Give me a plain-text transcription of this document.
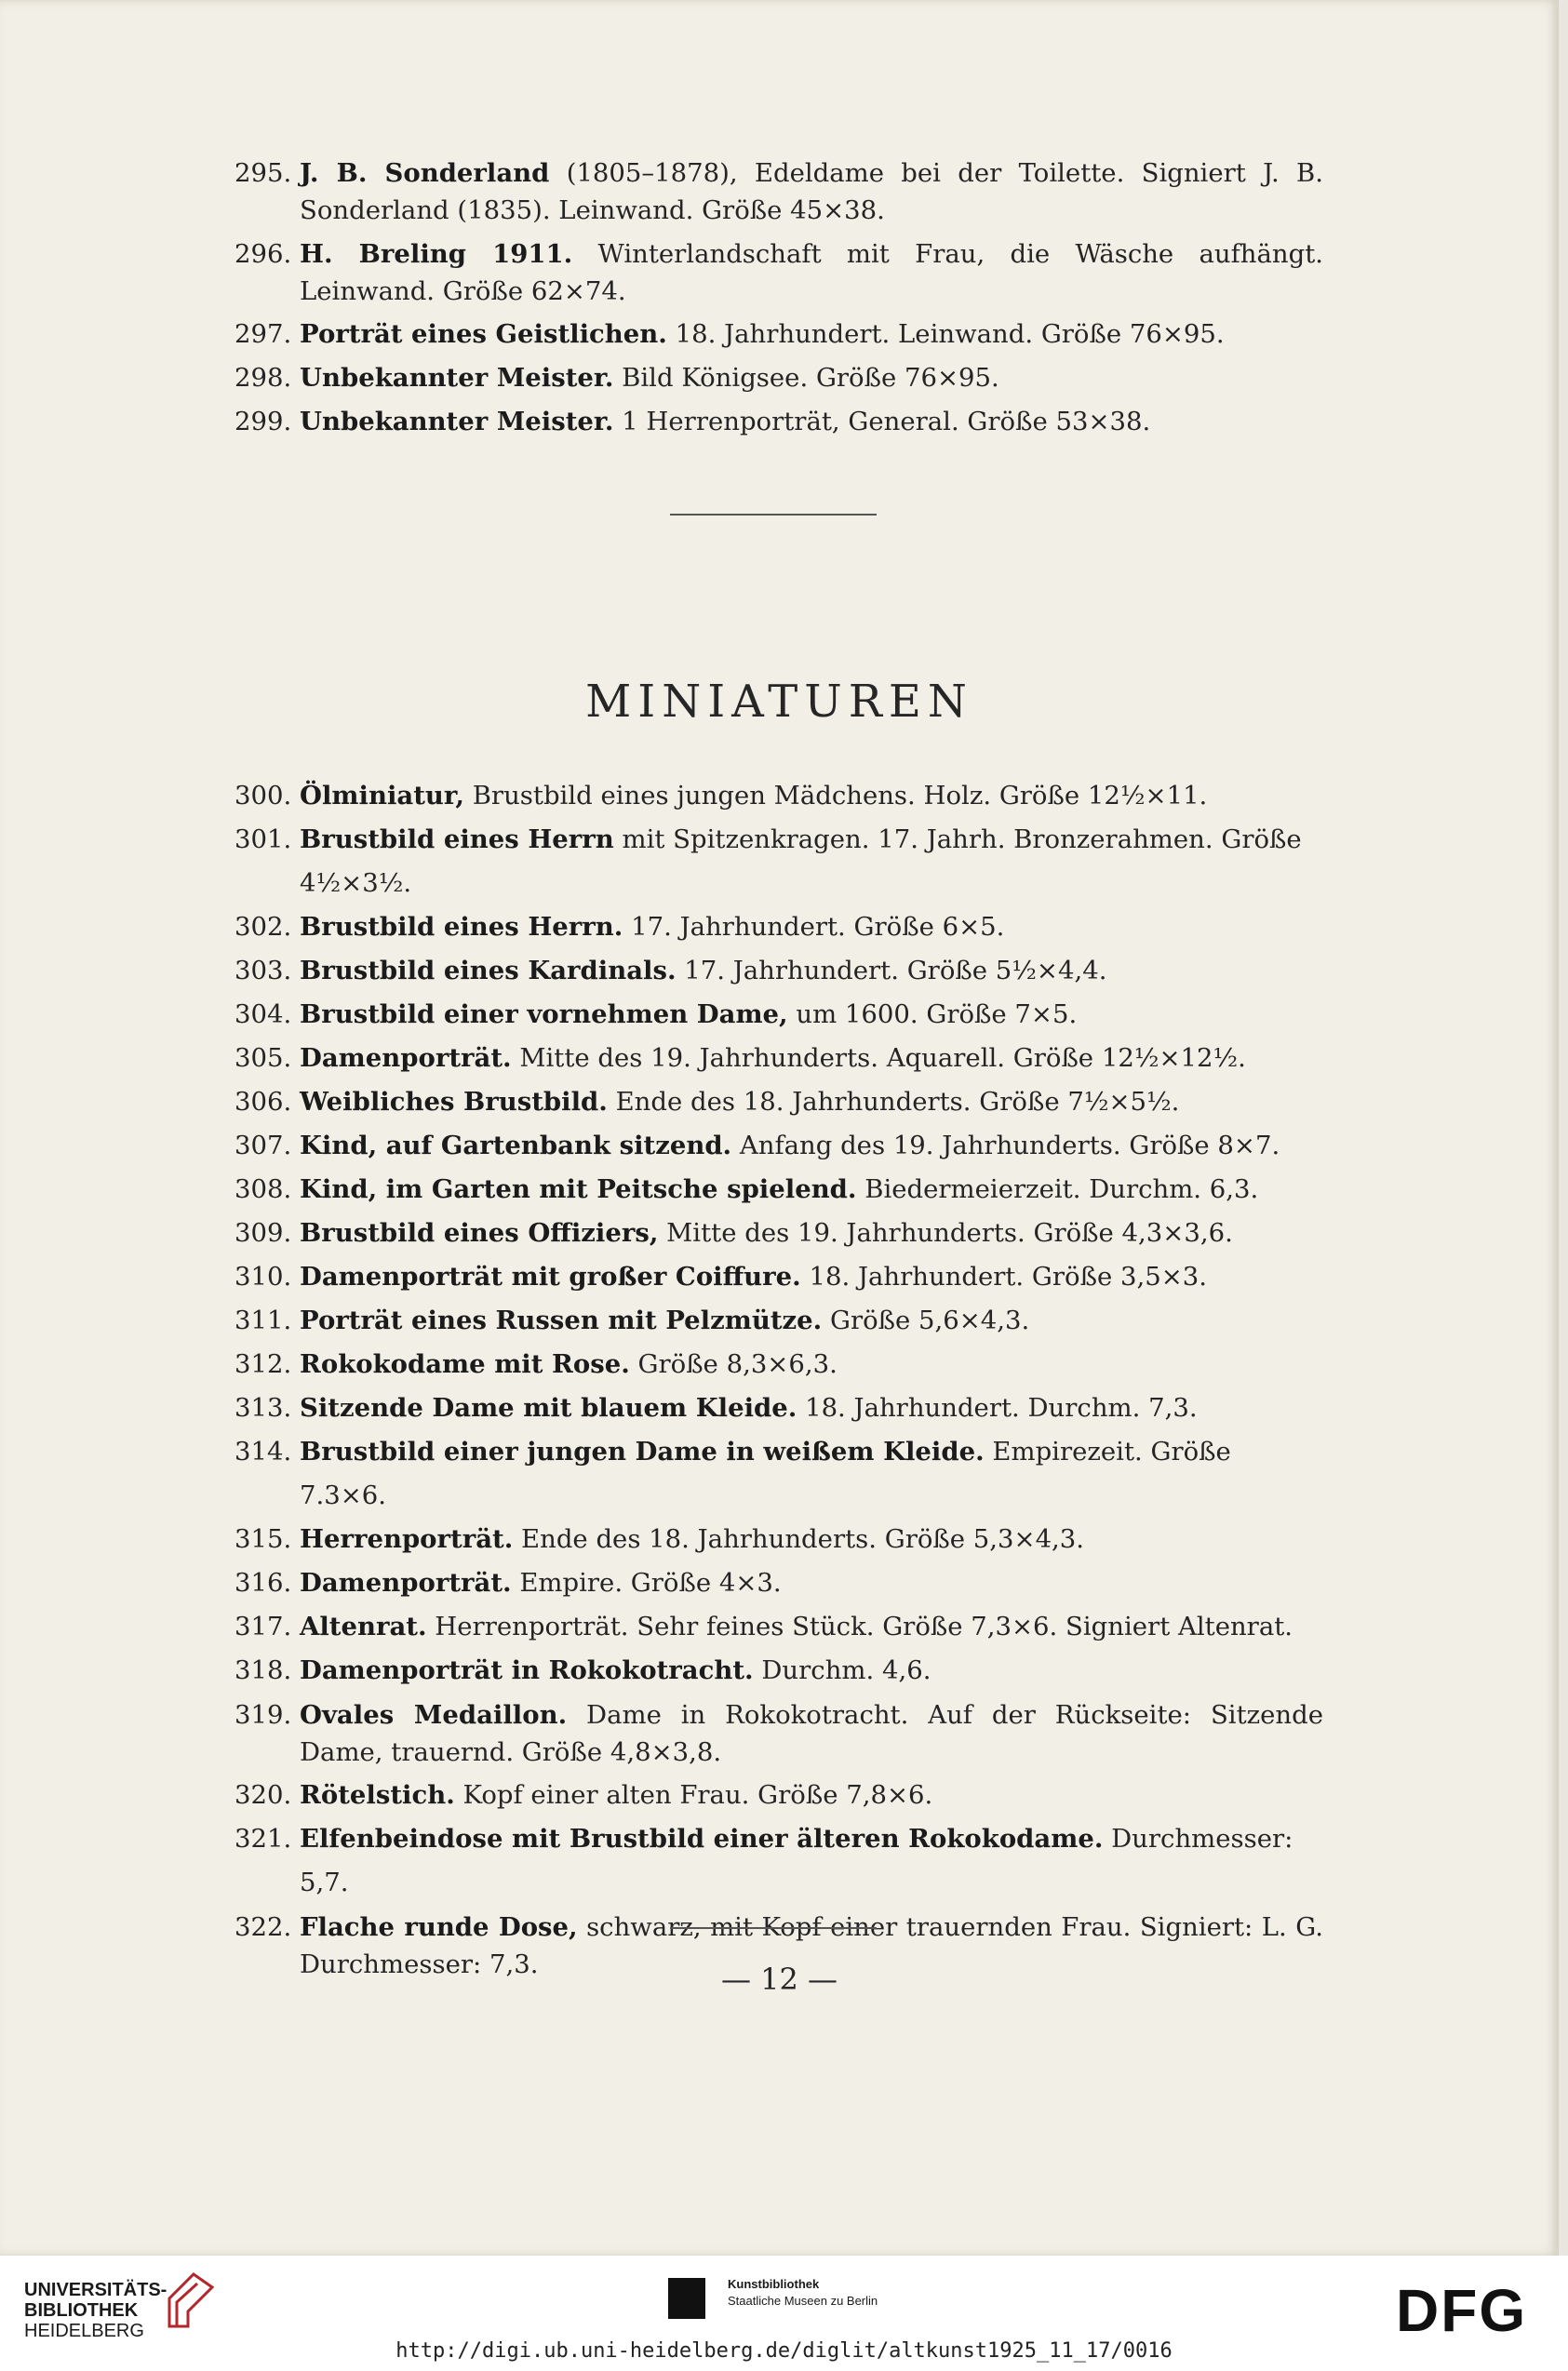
295. J. B. Sonderland (1805–1878), Edeldame bei der Toilette. Signiert J. B. Sonderland (1835). Leinwand. Größe 45×38.
296. H. Breling 1911. Winterlandschaft mit Frau, die Wäsche aufhängt. Leinwand. Größe 62×74.
297. Porträt eines Geistlichen. 18. Jahrhundert. Leinwand. Größe 76×95.
298. Unbekannter Meister. Bild Königsee. Größe 76×95.
299. Unbekannter Meister. 1 Herrenporträt, General. Größe 53×38.
MINIATUREN
300. Ölminiatur, Brustbild eines jungen Mädchens. Holz. Größe 12½×11.
301. Brustbild eines Herrn mit Spitzenkragen. 17. Jahrh. Bronzerahmen. Größe 4½×3½.
302. Brustbild eines Herrn. 17. Jahrhundert. Größe 6×5.
303. Brustbild eines Kardinals. 17. Jahrhundert. Größe 5½×4,4.
304. Brustbild einer vornehmen Dame, um 1600. Größe 7×5.
305. Damenporträt. Mitte des 19. Jahrhunderts. Aquarell. Größe 12½×12½.
306. Weibliches Brustbild. Ende des 18. Jahrhunderts. Größe 7½×5½.
307. Kind, auf Gartenbank sitzend. Anfang des 19. Jahrhunderts. Größe 8×7.
308. Kind, im Garten mit Peitsche spielend. Biedermeierzeit. Durchm. 6,3.
309. Brustbild eines Offiziers, Mitte des 19. Jahrhunderts. Größe 4,3×3,6.
310. Damenporträt mit großer Coiffure. 18. Jahrhundert. Größe 3,5×3.
311. Porträt eines Russen mit Pelzmütze. Größe 5,6×4,3.
312. Rokokodame mit Rose. Größe 8,3×6,3.
313. Sitzende Dame mit blauem Kleide. 18. Jahrhundert. Durchm. 7,3.
314. Brustbild einer jungen Dame in weißem Kleide. Empirezeit. Größe 7.3×6.
315. Herrenporträt. Ende des 18. Jahrhunderts. Größe 5,3×4,3.
316. Damenporträt. Empire. Größe 4×3.
317. Altenrat. Herrenporträt. Sehr feines Stück. Größe 7,3×6. Signiert Altenrat.
318. Damenporträt in Rokokotracht. Durchm. 4,6.
319. Ovales Medaillon. Dame in Rokokotracht. Auf der Rückseite: Sitzende Dame, trauernd. Größe 4,8×3,8.
320. Rötelstich. Kopf einer alten Frau. Größe 7,8×6.
321. Elfenbeindose mit Brustbild einer älteren Rokokodame. Durchmesser: 5,7.
322. Flache runde Dose, schwarz, mit Kopf einer trauernden Frau. Signiert: L. G. Durchmesser: 7,3.	— 12 —
UNIVERSITÄTS-
BIBLIOTHEK
HEIDELBERG
Kunstbibliothek
Staatliche Museen zu Berlin	DFG
http://digi.ub.uni-heidelberg.de/diglit/altkunst1925_11_17/0016
